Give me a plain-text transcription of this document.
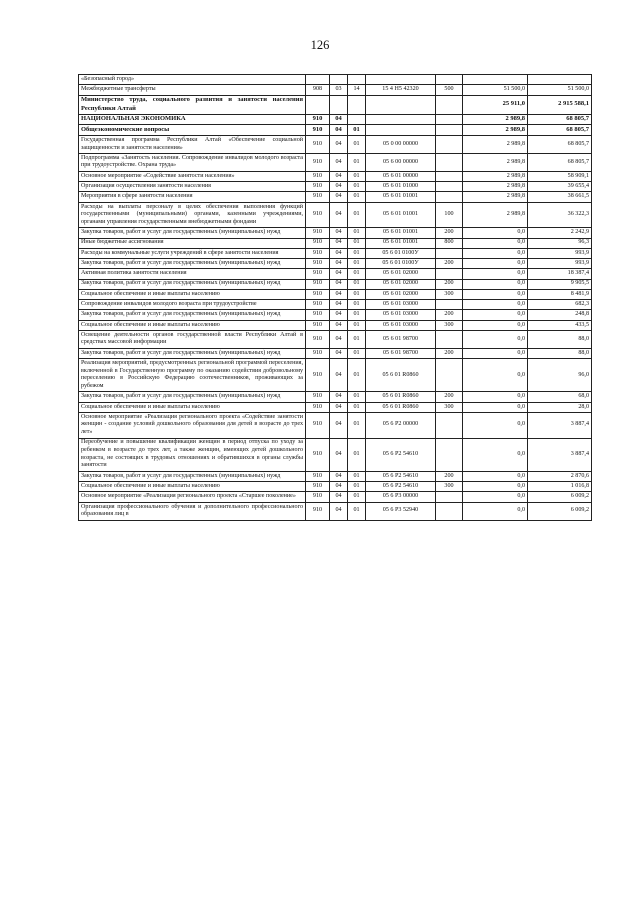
126
«Безопасный город»							
Межбюджетные трансферты	908	03	14	15 4 Н5 42320	500	51 500,0	51 500,0
Министерство труда, социального развития и занятости населения Республики Алтай						25 911,0	2 915 588,1
НАЦИОНАЛЬНАЯ ЭКОНОМИКА	910	04				2 989,8	68 805,7
Общеэкономические вопросы	910	04	01			2 989,8	68 805,7
Государственная программа Республики Алтай «Обеспечение социальной защищенности и занятости населения»	910	04	01	05 0 00 00000		2 989,8	68 805,7
Подпрограмма «Занятость населения. Сопровождение инвалидов молодого возраста при трудоустройстве. Охрана труда»	910	04	01	05 6 00 00000		2 989,8	68 805,7
Основное мероприятие «Содействие занятости населения»	910	04	01	05 6 01 00000		2 989,8	58 909,1
Организация осуществления занятости населения	910	04	01	05 6 01 01000		2 989,8	39 655,4
Мероприятия в сфере занятости населения	910	04	01	05 6 01 01001		2 989,8	38 661,5
Расходы на выплаты персоналу в целях обеспечения выполнения функций государственными (муниципальными) органами, казенными учреждениями, органами управления государственными внебюджетными фондами	910	04	01	05 6 01 01001	100	2 989,8	36 322,3
Закупка товаров, работ и услуг для государственных (муниципальных) нужд	910	04	01	05 6 01 01001	200	0,0	2 242,9
Иные бюджетные ассигнования	910	04	01	05 6 01 01001	800	0,0	96,3
Расходы на коммунальные услуги учреждений в сфере занятости населения	910	04	01	05 6 01 0100У		0,0	993,9
Закупка товаров, работ и услуг для государственных (муниципальных) нужд	910	04	01	05 6 01 0100У	200	0,0	993,9
Активная политика занятости населения	910	04	01	05 6 01 02000		0,0	18 387,4
Закупка товаров, работ и услуг для государственных (муниципальных) нужд	910	04	01	05 6 01 02000	200	0,0	9 905,5
Социальное обеспечение и иные выплаты населению	910	04	01	05 6 01 02000	300	0,0	8 481,9
Сопровождение инвалидов молодого возраста при трудоустройстве	910	04	01	05 6 01 03000		0,0	682,3
Закупка товаров, работ и услуг для государственных (муниципальных) нужд	910	04	01	05 6 01 03000	200	0,0	248,8
Социальное обеспечение и иные выплаты населению	910	04	01	05 6 01 03000	300	0,0	433,5
Освещение деятельности органов государственной власти Республики Алтай в средствах массовой информации	910	04	01	05 6 01 98700		0,0	88,0
Закупка товаров, работ и услуг для государственных (муниципальных) нужд	910	04	01	05 6 01 98700	200	0,0	88,0
Реализация мероприятий, предусмотренных региональной программой переселения, включенной в Государственную программу по оказанию содействия добровольному переселению в Российскую Федерацию соотечественников, проживающих за рубежом	910	04	01	05 6 01 R0860		0,0	96,0
Закупка товаров, работ и услуг для государственных (муниципальных) нужд	910	04	01	05 6 01 R0860	200	0,0	68,0
Социальное обеспечение и иные выплаты населению	910	04	01	05 6 01 R0860	300	0,0	28,0
Основное мероприятие «Реализация регионального проекта «Содействие занятости женщин - создание условий дошкольного образования для детей в возрасте до трех лет»	910	04	01	05 6 P2 00000		0,0	3 887,4
Переобучение и повышение квалификации женщин в период отпуска по уходу за ребенком в возрасте до трех лет, а также женщин, имеющих детей дошкольного возраста, не состоящих в трудовых отношениях и обратившихся в органы службы занятости	910	04	01	05 6 P2 54610		0,0	3 887,4
Закупка товаров, работ и услуг для государственных (муниципальных) нужд	910	04	01	05 6 P2 54610	200	0,0	2 870,6
Социальное обеспечение и иные выплаты населению	910	04	01	05 6 P2 54610	300	0,0	1 016,8
Основное мероприятие «Реализация регионального проекта «Старшее поколение»	910	04	01	05 6 P3 00000		0,0	6 009,2
Организация профессионального обучения и дополнительного профессионального образования лиц в	910	04	01	05 6 P3 52940		0,0	6 009,2
